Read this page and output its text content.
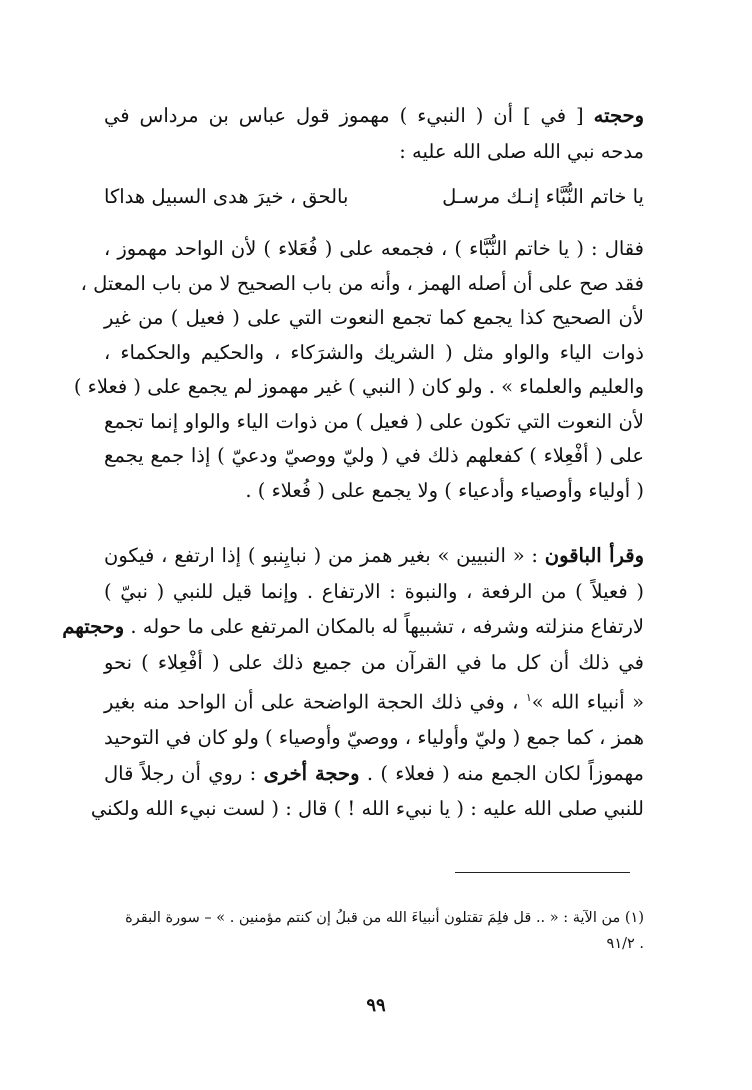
وحجته [ في ] أن ( النبيء ) مهموز قول عباس بن مرداس في
مدحه نبي الله صلى الله عليه :
يا خاتم النُّبَّاء إنـك مرسـل
بالحق ، خيرَ هدى السبيل هداكا
فقال : ( يا خاتم النُّبَّاء ) ، فجمعه على ( فُعَلاء ) لأن الواحد مهموز ،
فقد صح على أن أصله الهمز ، وأنه من باب الصحيح لا من باب المعتل ،
لأن الصحيح كذا يجمع كما تجمع النعوت التي على ( فعيل ) من غير
ذوات الياء والواو مثل ( الشريك والشرَكاء ، والحكيم والحكماء ،
والعليم والعلماء » . ولو كان ( النبي ) غير مهموز لم يجمع على ( فعلاء )
لأن النعوت التي تكون على ( فعيل ) من ذوات الياء والواو إنما تجمع
على ( أفْعِلاء ) كفعلهم ذلك في ( وليّ ووصيّ ودعيّ ) إذا جمع يجمع
( أولياء وأوصياء وأدعياء ) ولا يجمع على ( فُعلاء ) .
وقرأ الباقون : « النبيين » بغير همز من ( نبايِنبو ) إذا ارتفع ، فيكون
( فعيلاً ) من الرفعة ، والنبوة : الارتفاع . وإنما قيل للنبي ( نبيّ )
لارتفاع منزلته وشرفه ، تشبيهاً له بالمكان المرتفع على ما حوله . وحجتهم
في ذلك أن كل ما في القرآن من جميع ذلك على ( أفْعِلاء ) نحو
« أنبياء الله »$^١$ ، وفي ذلك الحجة الواضحة على أن الواحد منه بغير
همز ، كما جمع ( وليّ وأولياء ، ووصيّ وأوصياء ) ولو كان في التوحيد
مهموزاً لكان الجمع منه ( فعلاء ) . وحجة أخرى : روي أن رجلاً قال
للنبي صلى الله عليه : ( يا نبيء الله ! ) قال : ( لست نبيء الله ولكني
(١) من الآية : « .. قل فلِمَ تقتلون أنبياءَ الله من قبلُ إن كنتم مؤمنين . » – سورة البقرة
. ٩١/٢
٩٩
